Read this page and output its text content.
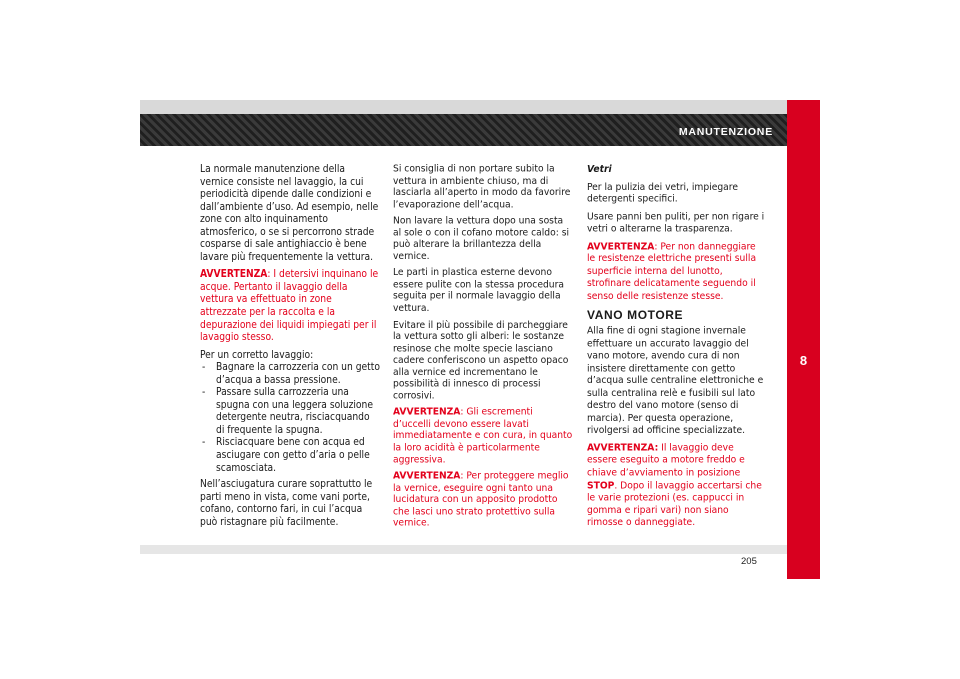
MANUTENZIONE
8

La normale manutenzione della vernice consiste nel lavaggio, la cui periodicità dipende dalle condizioni e dall’ambiente d’uso. Ad esempio, nelle zone con alto inquinamento atmosferico, o se si percorrono strade cosparse di sale antighiaccio è bene lavare più frequentemente la vettura.

AVVERTENZA: I detersivi inquinano le acque. Pertanto il lavaggio della vettura va effettuato in zone attrezzate per la raccolta e la depurazione dei liquidi impiegati per il lavaggio stesso.

Per un corretto lavaggio:

- Bagnare la carrozzeria con un getto d’acqua a bassa pressione.
- Passare sulla carrozzeria una spugna con una leggera soluzione detergente neutra, risciacquando di frequente la spugna.
- Risciacquare bene con acqua ed asciugare con getto d’aria o pelle scamosciata.

Nell’asciugatura curare soprattutto le parti meno in vista, come vani porte, cofano, contorno fari, in cui l’acqua può ristagnare più facilmente.

Si consiglia di non portare subito la vettura in ambiente chiuso, ma di lasciarla all’aperto in modo da favorire l’evaporazione dell’acqua.

Non lavare la vettura dopo una sosta al sole o con il cofano motore caldo: si può alterare la brillantezza della vernice.

Le parti in plastica esterne devono essere pulite con la stessa procedura seguita per il normale lavaggio della vettura.

Evitare il più possibile di parcheggiare la vettura sotto gli alberi: le sostanze resinose che molte specie lasciano cadere conferiscono un aspetto opaco alla vernice ed incrementano le possibilità di innesco di processi corrosivi.

AVVERTENZA: Gli escrementi d’uccelli devono essere lavati immediatamente e con cura, in quanto la loro acidità è particolarmente aggressiva.

AVVERTENZA: Per proteggere meglio la vernice, eseguire ogni tanto una lucidatura con un apposito prodotto che lasci uno strato protettivo sulla vernice.

Vetri

Per la pulizia dei vetri, impiegare detergenti specifici.

Usare panni ben puliti, per non rigare i vetri o alterarne la trasparenza.

AVVERTENZA: Per non danneggiare le resistenze elettriche presenti sulla superficie interna del lunotto, strofinare delicatamente seguendo il senso delle resistenze stesse.

VANO MOTORE

Alla fine di ogni stagione invernale effettuare un accurato lavaggio del vano motore, avendo cura di non insistere direttamente con getto d’acqua sulle centraline elettroniche e sulla centralina relè e fusibili sul lato destro del vano motore (senso di marcia). Per questa operazione, rivolgersi ad officine specializzate.

AVVERTENZA: Il lavaggio deve essere eseguito a motore freddo e chiave d’avviamento in posizione STOP. Dopo il lavaggio accertarsi che le varie protezioni (es. cappucci in gomma e ripari vari) non siano rimosse o danneggiate.

205
